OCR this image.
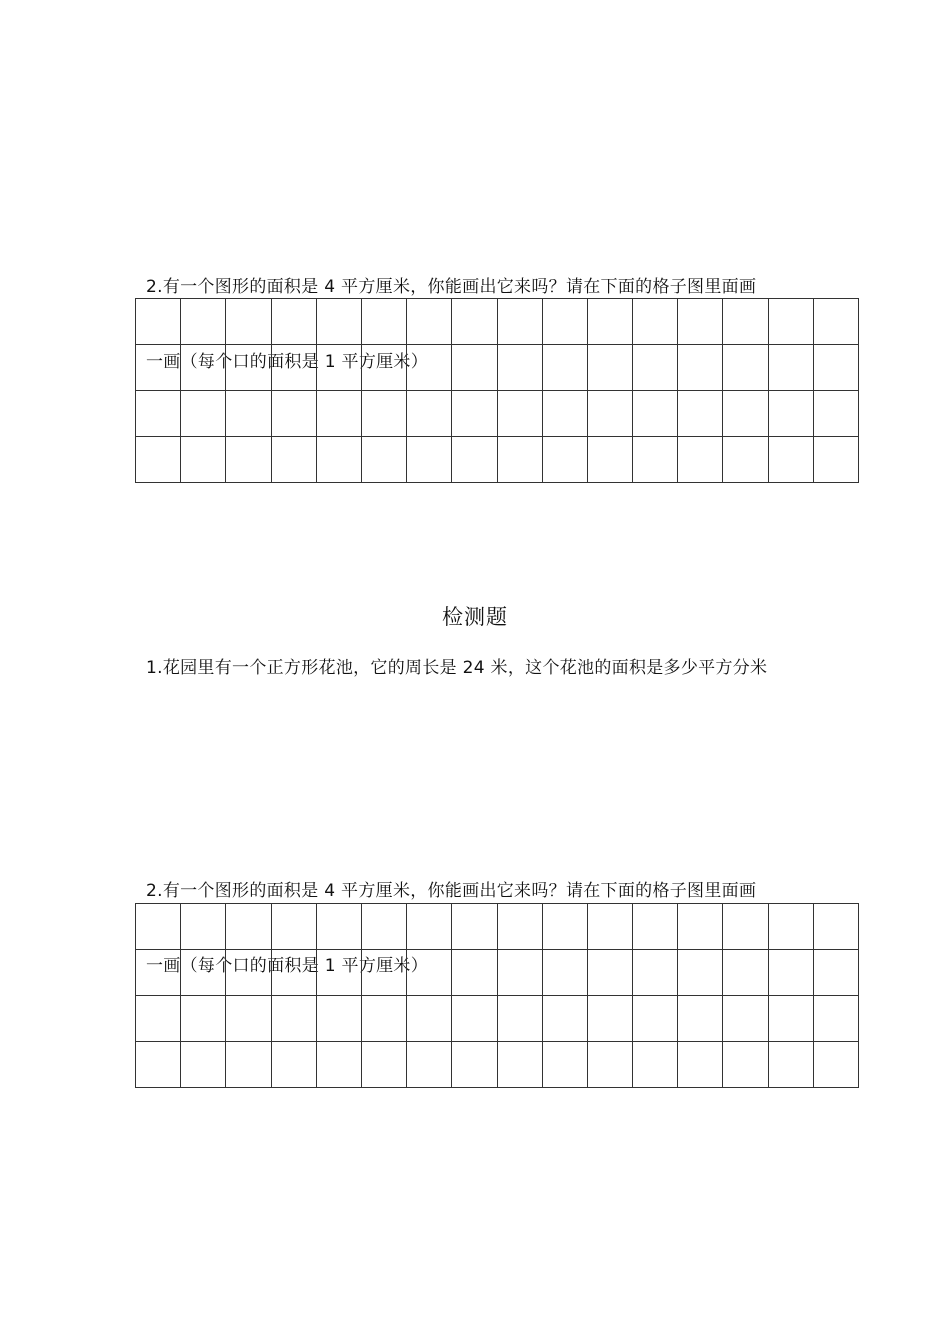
2.有一个图形的面积是 4 平方厘米，你能画出它来吗？请在下面的格子图里面画

一画（每个口的面积是 1 平方厘米）

检测题
1.花园里有一个正方形花池，它的周长是 24 米，这个花池的面积是多少平方分米

2.有一个图形的面积是 4 平方厘米，你能画出它来吗？请在下面的格子图里面画

一画（每个口的面积是 1 平方厘米）
